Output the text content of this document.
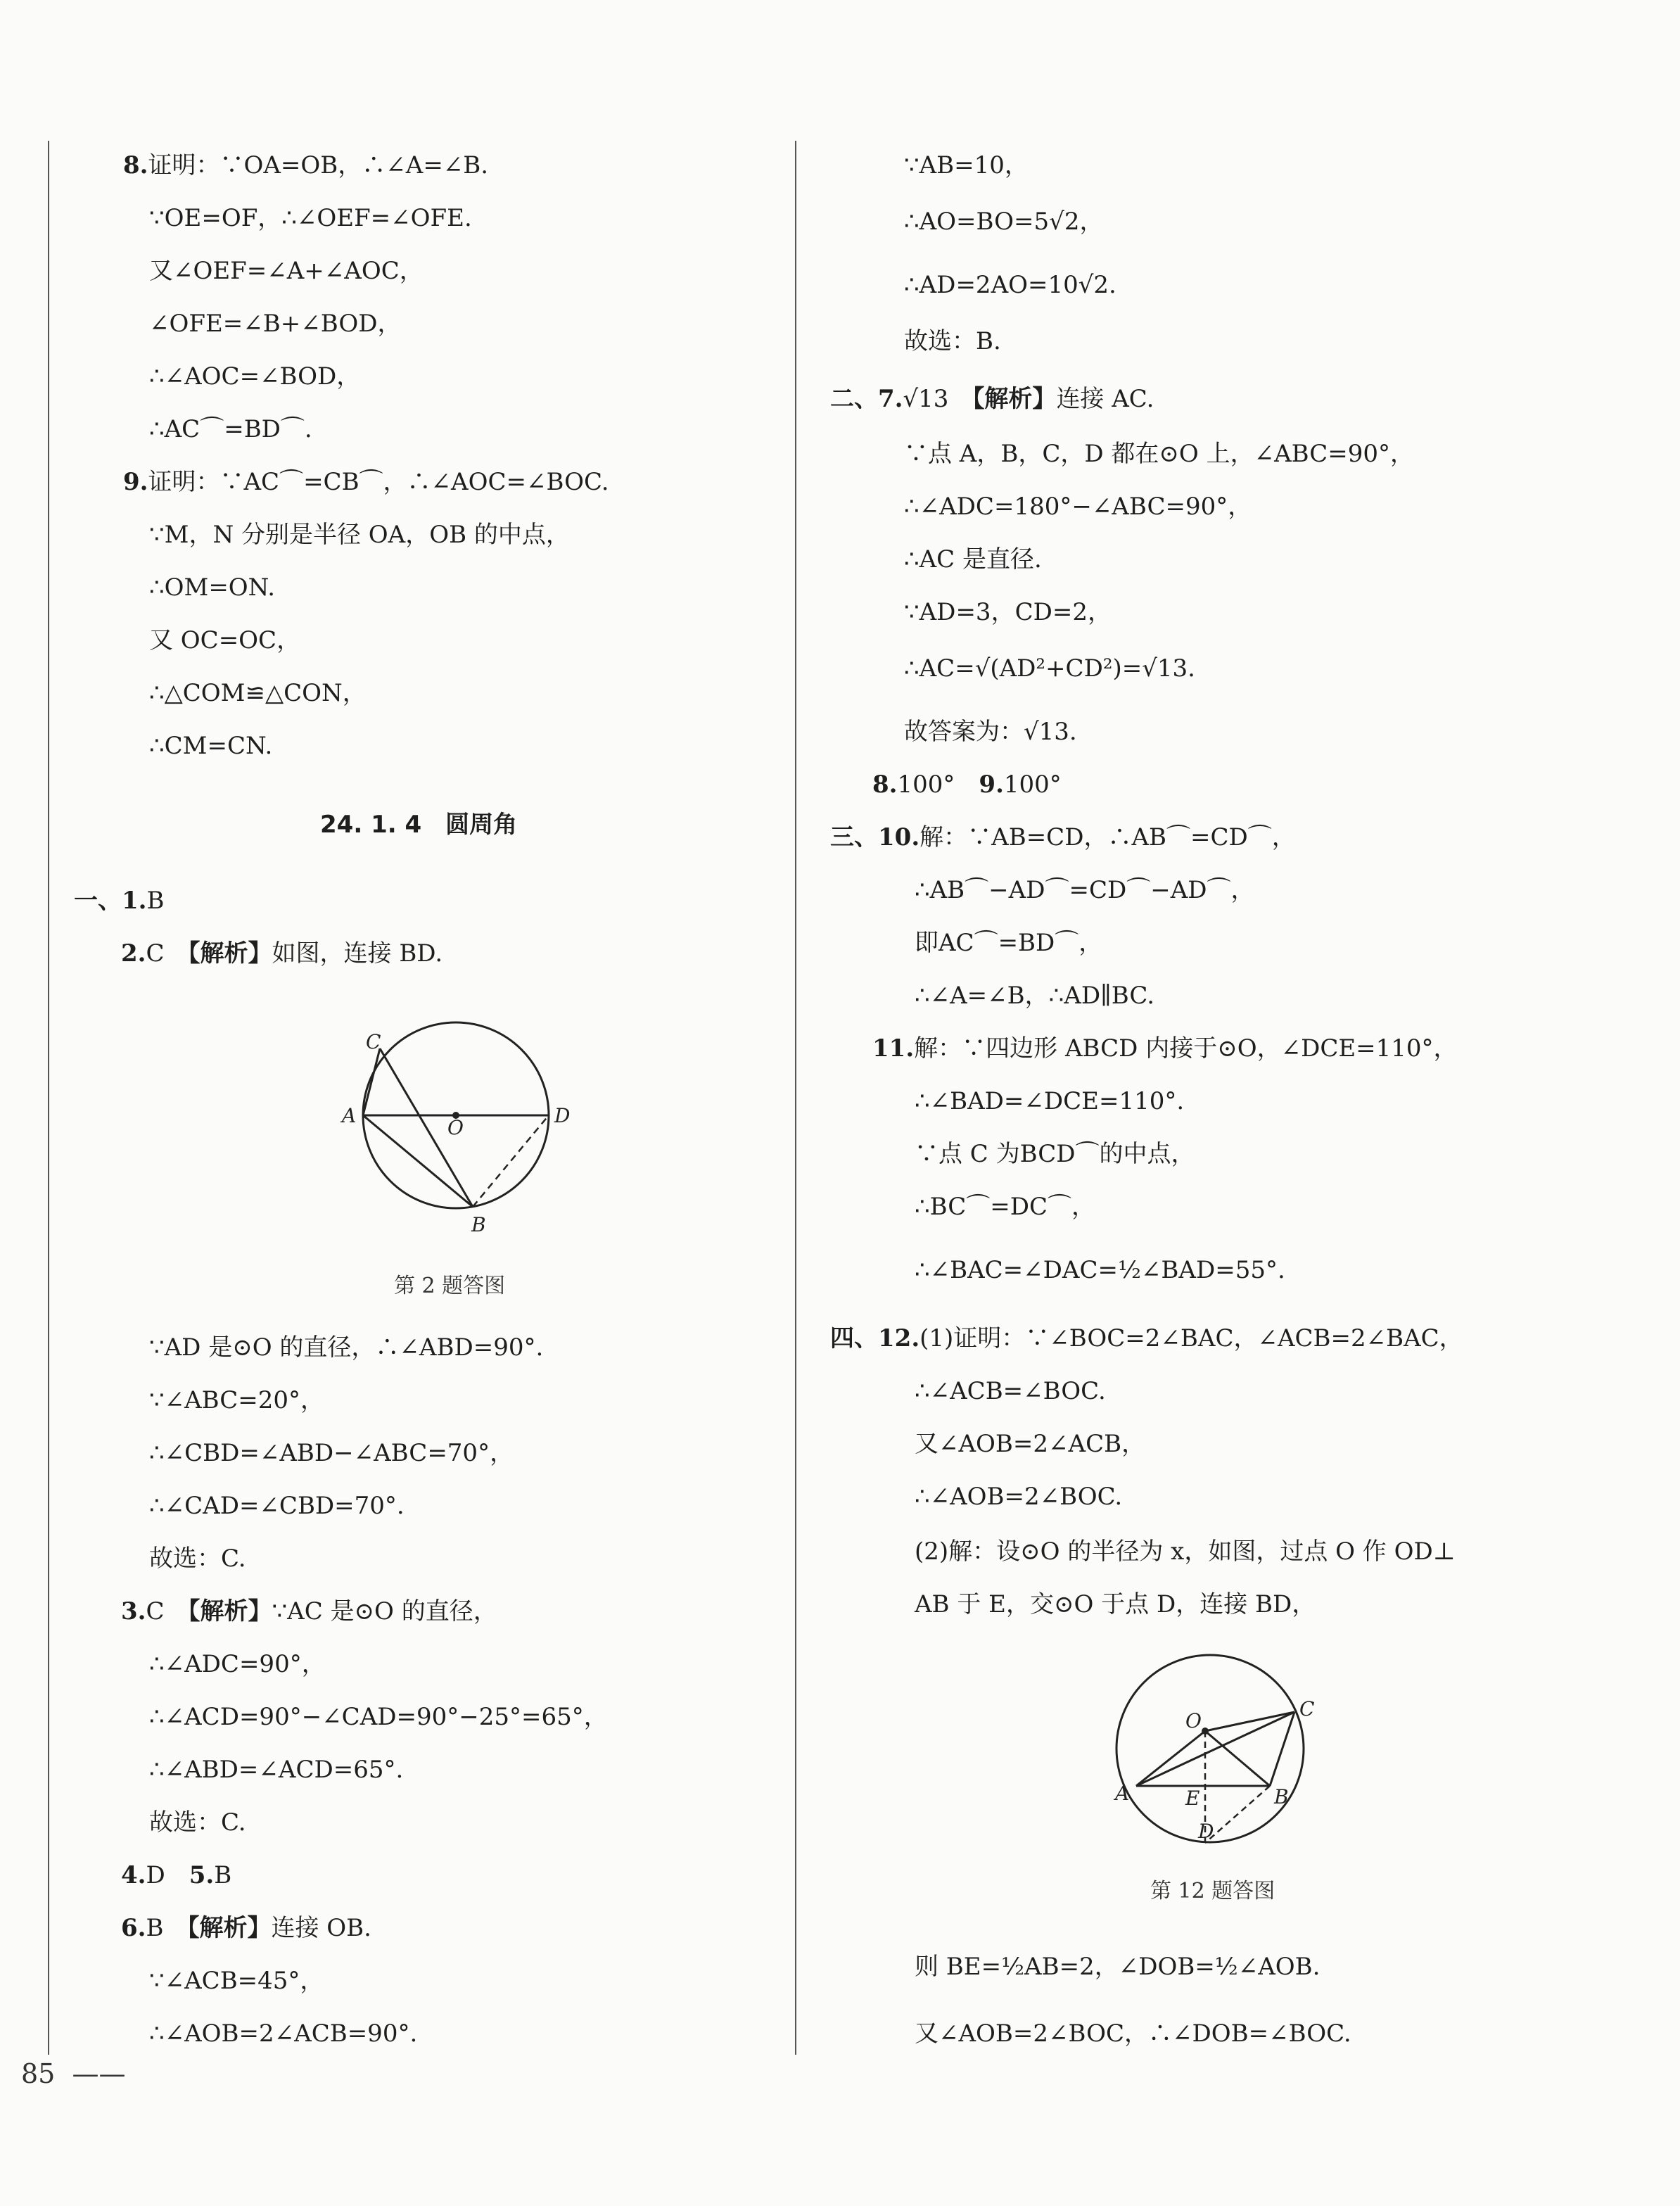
8.证明：∵OA=OB，∴∠A=∠B.
∵OE=OF，∴∠OEF=∠OFE.
又∠OEF=∠A+∠AOC，
∠OFE=∠B+∠BOD，
∴∠AOC=∠BOD，
∴AC⌒=BD⌒.
9.证明：∵AC⌒=CB⌒，∴∠AOC=∠BOC.
∵M，N 分别是半径 OA，OB 的中点，
∴OM=ON.
又 OC=OC，
∴△COM≌△CON，
∴CM=CN.
24. 1. 4　圆周角
一、1.B
2.C　 【解析】如图，连接 BD.
C
A
O
D
B
第 2 题答图
∵AD 是⊙O 的直径，∴∠ABD=90°.
∵∠ABC=20°，
∴∠CBD=∠ABD−∠ABC=70°，
∴∠CAD=∠CBD=70°.
故选：C.
3.C　 【解析】∵AC 是⊙O 的直径，
∴∠ADC=90°，
∴∠ACD=90°−∠CAD=90°−25°=65°，
∴∠ABD=∠ACD=65°.
故选：C.
4.D　 5.B
6.B　 【解析】连接 OB.
∵∠ACB=45°，
∴∠AOB=2∠ACB=90°.
85 ——
∵AB=10，
∴AO=BO=5√2，
∴AD=2AO=10√2.
故选：B.
二、7.√13　 【解析】连接 AC.
∵点 A，B，C，D 都在⊙O 上，∠ABC=90°，
∴∠ADC=180°−∠ABC=90°，
∴AC 是直径.
∵AD=3，CD=2，
∴AC=√(AD²+CD²)=√13.
故答案为：√13.
8.100°　 9.100°
三、10.解：∵AB=CD，∴AB⌒=CD⌒，
∴AB⌒−AD⌒=CD⌒−AD⌒，
即AC⌒=BD⌒，
∴∠A=∠B，∴AD∥BC.
11.解：∵四边形 ABCD 内接于⊙O，∠DCE=110°，
∴∠BAD=∠DCE=110°.
∵点 C 为BCD⌒的中点，
∴BC⌒=DC⌒，
∴∠BAC=∠DAC=½∠BAD=55°.
四、12.(1)证明：∵∠BOC=2∠BAC，∠ACB=2∠BAC，
∴∠ACB=∠BOC.
又∠AOB=2∠ACB，
∴∠AOB=2∠BOC.
(2)解：设⊙O 的半径为 x，如图，过点 O 作 OD⊥
AB 于 E，交⊙O 于点 D，连接 BD，
O
C
A	E	B
D
第 12 题答图
则 BE=½AB=2，∠DOB=½∠AOB.
又∠AOB=2∠BOC，∴∠DOB=∠BOC.
